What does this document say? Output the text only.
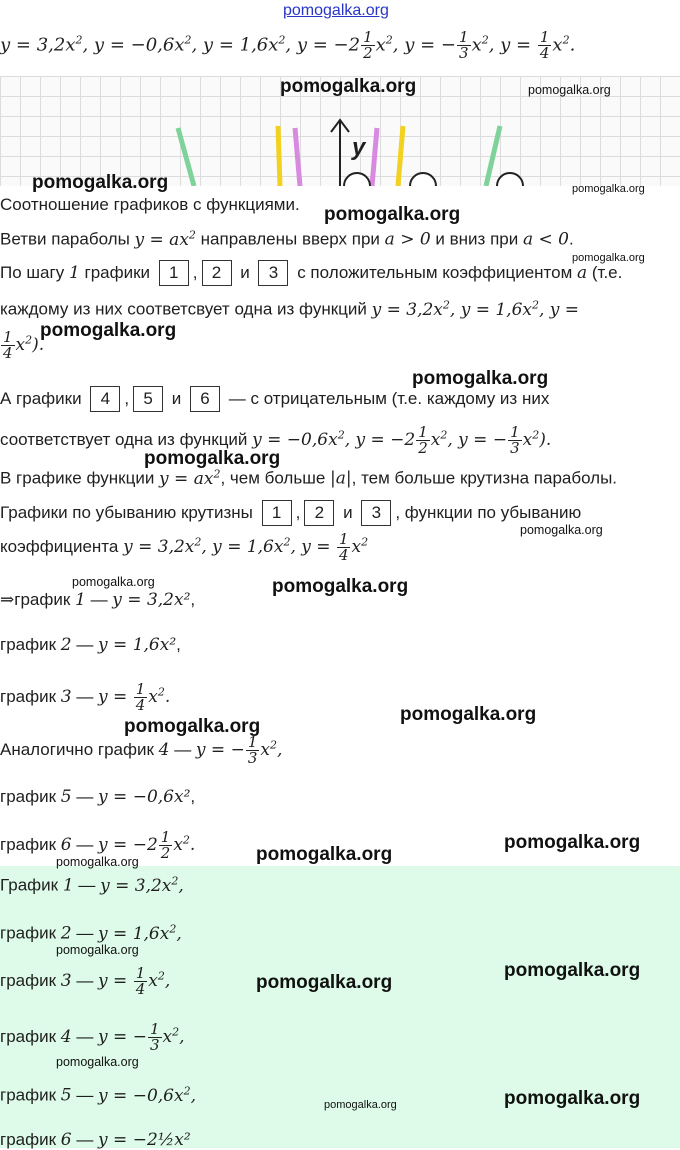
pomogalka.org
$y = 3,2x^2$, $y = -0,6x^2$, $y = 1,6x^2$, $y = -2 \frac{1}{2} x^2$, y = − $\frac{1}{3} x^2$, $y = \frac{1}{4} x^2$.
y
Соотношение графиков с функциями.
Ветви параболы $y = ax^2$ направлены вверх при a > 0 и вниз при a < 0.
По шагу 1 графики 1 , 2 и 3 с положительным коэффициентом a (т.е.
каждому из них соответсвует одна из функций $y = 3,2x^2$, $y = 1,6x^2$, y =
$\frac{1}{4} x^2$).
А графики 4 , 5 и 6 — с отрицательным (т.е. каждому из них
соответствует одна из функций $y = -0,6x^2$, $y = -2 \frac{1}{2} x^2$, y = − $\frac{1}{3} x^2$).
В графике функции $y = ax^2$, чем больше |a|, тем больше крутизна параболы.
Графики по убыванию крутизны 1 , 2 и 3 , функции по убыванию
коэффициента $y = 3,2x^2$, $y = 1,6x^2$, $y = \frac{1}{4} x^2$
⇒график 1 — y = 3,2x²,
график 2 — y = 1,6x²,
график 3 — $y = \frac{1}{4} x^2$.
Аналогично график 4 — y = − $\frac{1}{3} x^2$,
график 5 — y = −0,6x²,
график 6 — $y = -2 \frac{1}{2} x^2$.
График 1 — $y = 3,2x^2$,
график 2 — $y = 1,6x^2$,
график 3 — $y = \frac{1}{4} x^2$,
график 4 — y = − $\frac{1}{3} x^2$,
график 5 — $y = -0,6x^2$,
график 6 — y = −2½x²
pomogalka.org	pomogalka.org
pomogalka.org	pomogalka.org
pomogalka.org
pomogalka.org
pomogalka.org
pomogalka.org
pomogalka.org
pomogalka.org
pomogalka.org	pomogalka.org
pomogalka.org
pomogalka.org
pomogalka.org
pomogalka.org
pomogalka.org
pomogalka.org
pomogalka.org
pomogalka.org
pomogalka.org
pomogalka.org
pomogalka.org
